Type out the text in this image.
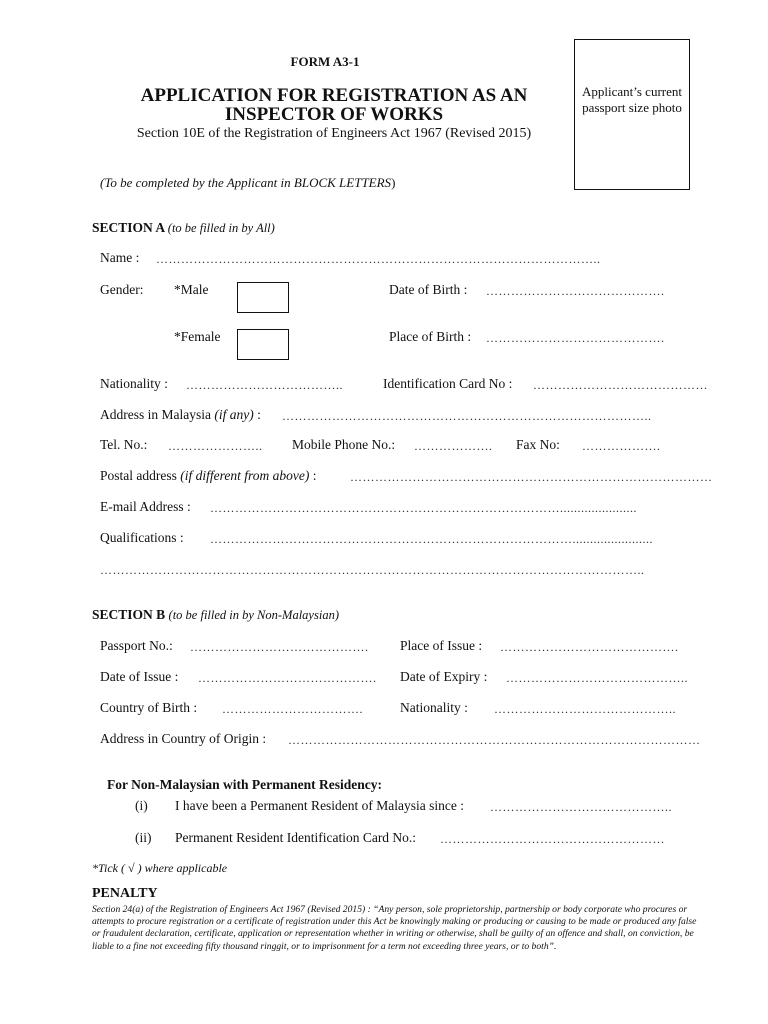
FORM A3-1
APPLICATION FOR REGISTRATION AS AN
INSPECTOR OF WORKS
Section 10E of the Registration of Engineers Act 1967 (Revised 2015)
Applicant’s current passport size photo
(To be completed by the Applicant in BLOCK LETTERS)
SECTION A (to be filled in by All)
Name : ……………………………………………………………………………………………..
Gender: *Male	Date of Birth : …………………………………….
*Female	Place of Birth : …………………………………….
Nationality : ………………………………..	Identification Card No : ……………………………………
Address in Malaysia (if any) : ……………………………………………………………………………..
Tel. No.: ………………….. Mobile Phone No.: ………………. Fax No: ……………….
Postal address (if different from above) :	……………………………………………………………………………
E-mail Address : …………………………………………………………………………......................
Qualifications : …………………………………………………………………………….......................
…………………………………………………………………………………………………………………..
SECTION B (to be filled in by Non-Malaysian)
Passport No.: ……………………………………. Place of Issue : …………………………………….
Date of Issue : ……………………………………. Date of Expiry : ……………………………………..
Country of Birth : …………………………….	Nationality : ……………………………………..
Address in Country of Origin : ………………………………………………………………………………………
For Non-Malaysian with Permanent Residency:
(i) I have been a Permanent Resident of Malaysia since : ……………………………………..
(ii) Permanent Resident Identification Card No.: ………………………………………………
*Tick ( √ ) where applicable
PENALTY
Section 24(a) of the Registration of Engineers Act 1967 (Revised 2015) : “Any person, sole proprietorship, partnership or body corporate who procures or attempts to procure registration or a certificate of registration under this Act be knowingly making or producing or causing to be made or produced any false or fraudulent declaration, certificate, application or representation whether in writing or otherwise, shall be guilty of an offence and shall, on conviction, be liable to a fine not exceeding fifty thousand ringgit, or to imprisonment for a term not exceeding three years, or to both”.
